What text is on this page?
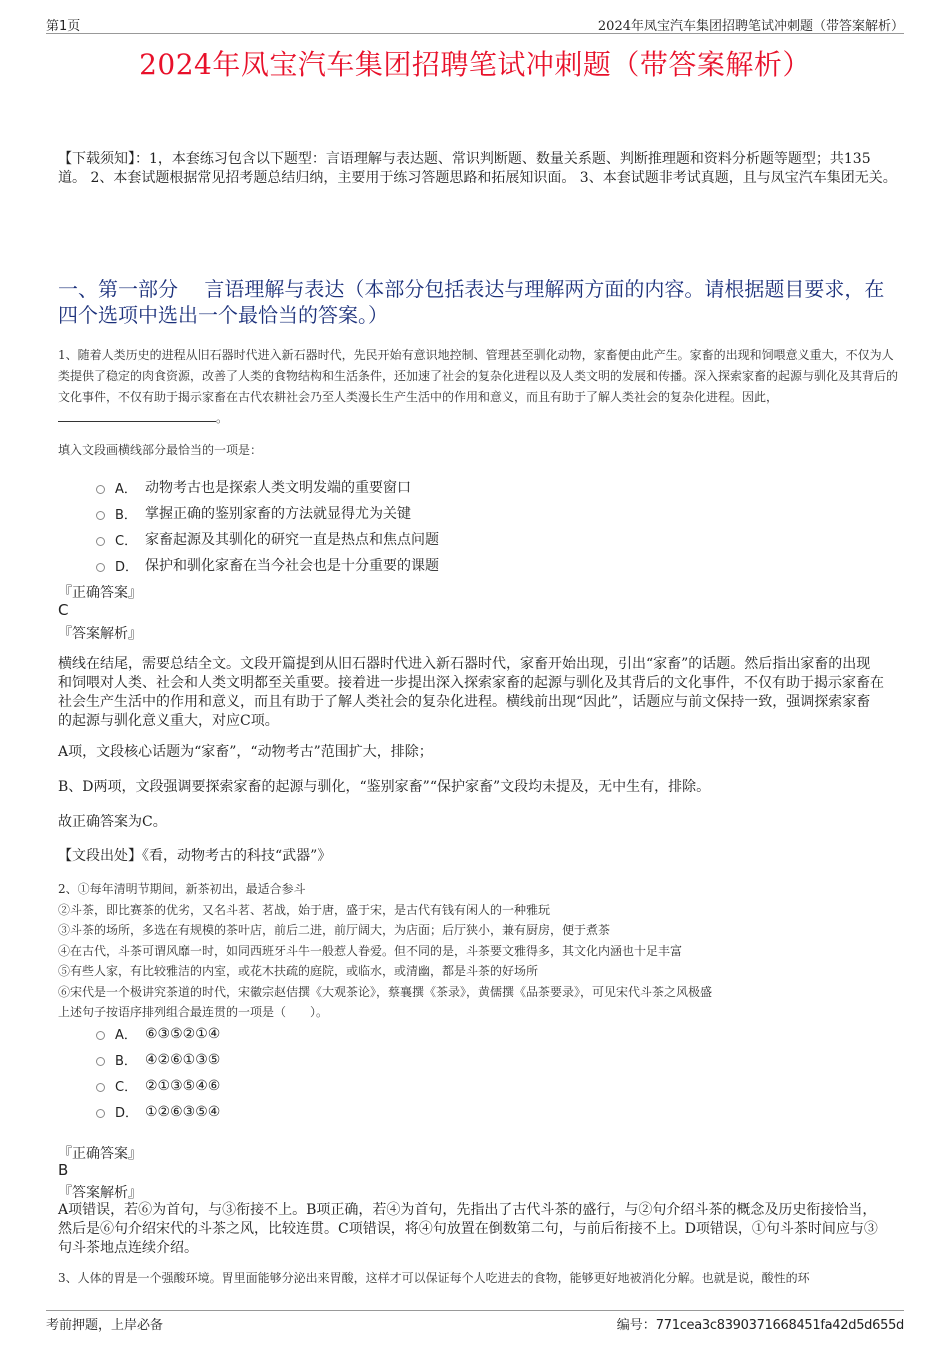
第1页	2024年凤宝汽车集团招聘笔试冲刺题（带答案解析）
2024年凤宝汽车集团招聘笔试冲刺题（带答案解析）
【下载须知】：1，本套练习包含以下题型：言语理解与表达题、常识判断题、数量关系题、判断推理题和资料分析题等题型；共135道。 2、本套试题根据常见招考题总结归纳，主要用于练习答题思路和拓展知识面。 3、本套试题非考试真题，且与凤宝汽车集团无关。
一、第一部分　 言语理解与表达（本部分包括表达与理解两方面的内容。请根据题目要求，在四个选项中选出一个最恰当的答案。）
1、随着人类历史的进程从旧石器时代进入新石器时代，先民开始有意识地控制、管理甚至驯化动物，家畜便由此产生。家畜的出现和饲喂意义重大，不仅为人类提供了稳定的肉食资源，改善了人类的食物结构和生活条件，还加速了社会的复杂化进程以及人类文明的发展和传播。深入探索家畜的起源与驯化及其背后的文化事件，不仅有助于揭示家畜在古代农耕社会乃至人类漫长生产生活中的作用和意义，而且有助于了解人类社会的复杂化进程。因此，。
填入文段画横线部分最恰当的一项是：
A． 动物考古也是探索人类文明发端的重要窗口
B． 掌握正确的鉴别家畜的方法就显得尤为关键
C． 家畜起源及其驯化的研究一直是热点和焦点问题
D． 保护和驯化家畜在当今社会也是十分重要的课题
『正确答案』
C
『答案解析』
横线在结尾，需要总结全文。文段开篇提到从旧石器时代进入新石器时代，家畜开始出现，引出“家畜”的话题。然后指出家畜的出现和饲喂对人类、社会和人类文明都至关重要。接着进一步提出深入探索家畜的起源与驯化及其背后的文化事件，不仅有助于揭示家畜在社会生产生活中的作用和意义，而且有助于了解人类社会的复杂化进程。横线前出现“因此”，话题应与前文保持一致，强调探索家畜的起源与驯化意义重大，对应C项。
A项，文段核心话题为“家畜”，“动物考古”范围扩大，排除；
B、D两项，文段强调要探索家畜的起源与驯化，“鉴别家畜”“保护家畜”文段均未提及，无中生有，排除。
故正确答案为C。
【文段出处】《看，动物考古的科技“武器”》
2、①每年清明节期间，新茶初出，最适合参斗
②斗茶，即比赛茶的优劣，又名斗茗、茗战，始于唐，盛于宋，是古代有钱有闲人的一种雅玩
③斗茶的场所，多选在有规模的茶叶店，前后二进，前厅阔大，为店面；后厅狭小，兼有厨房，便于煮茶
④在古代，斗茶可谓风靡一时，如同西班牙斗牛一般惹人眷爱。但不同的是，斗茶要文雅得多，其文化内涵也十足丰富
⑤有些人家，有比较雅洁的内室，或花木扶疏的庭院，或临水，或清幽，都是斗茶的好场所
⑥宋代是一个极讲究茶道的时代，宋徽宗赵佶撰《大观茶论》，蔡襄撰《茶录》，黄儒撰《品茶要录》，可见宋代斗茶之风极盛
上述句子按语序排列组合最连贯的一项是（　　）。
A． ⑥③⑤②①④
B． ④②⑥①③⑤
C． ②①③⑤④⑥
D． ①②⑥③⑤④
『正确答案』
B
『答案解析』
A项错误，若⑥为首句，与③衔接不上。B项正确，若④为首句，先指出了古代斗茶的盛行，与②句介绍斗茶的概念及历史衔接恰当，然后是⑥句介绍宋代的斗茶之风，比较连贯。C项错误，将④句放置在倒数第二句，与前后衔接不上。D项错误，①句斗茶时间应与③句斗茶地点连续介绍。
3、人体的胃是一个强酸环境。胃里面能够分泌出来胃酸，这样才可以保证每个人吃进去的食物，能够更好地被消化分解。也就是说，酸性的环
考前押题，上岸必备	编号：771cea3c8390371668451fa42d5d655d
